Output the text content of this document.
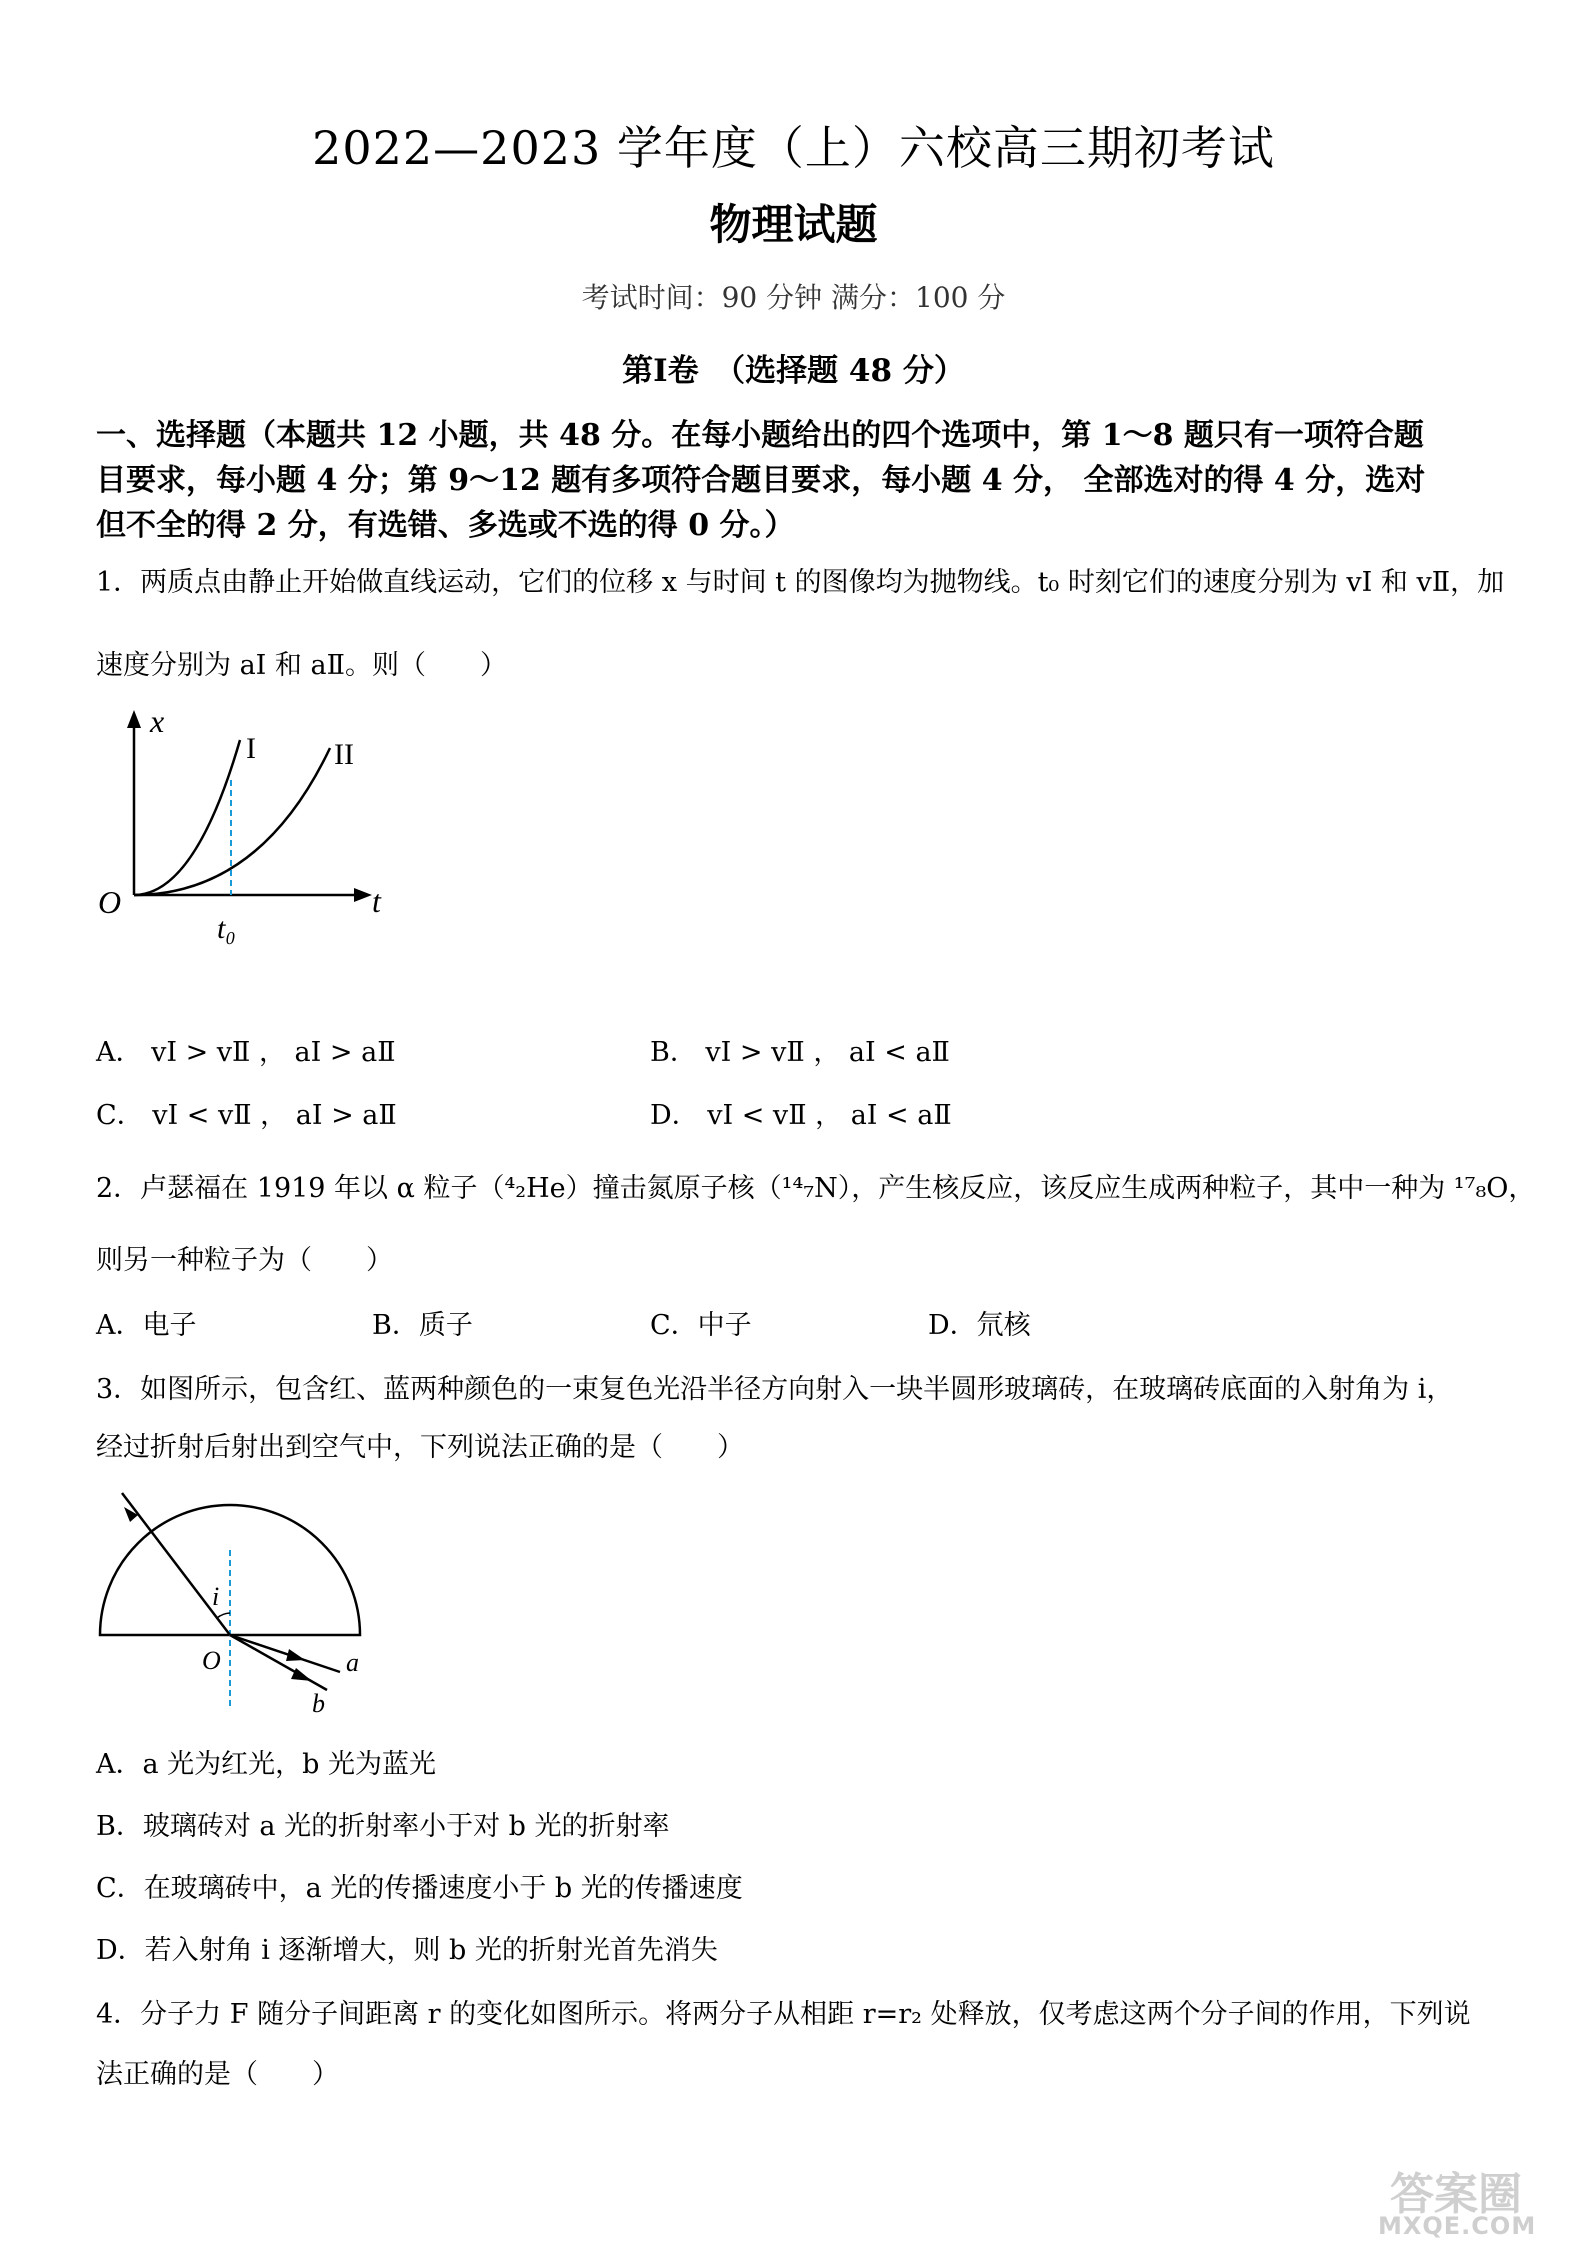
2022—2023 学年度（上）六校高三期初考试
物理试题
考试时间：90 分钟 满分：100 分
第Ⅰ卷　（选择题 48 分）
一、选择题（本题共 12 小题，共 48 分。在每小题给出的四个选项中，第 1～8 题只有一项符合题
目要求，每小题 4 分；第 9～12 题有多项符合题目要求，每小题 4 分， 全部选对的得 4 分，选对
但不全的得 2 分，有选错、多选或不选的得 0 分。）
1．两质点由静止开始做直线运动，它们的位移 x 与时间 t 的图像均为抛物线。t₀ 时刻它们的速度分别为 vⅠ 和 vⅡ，加
速度分别为 aⅠ 和 aⅡ。则（　　）
x
t
O
t₀
I	II
A． vⅠ > vⅡ ， aⅠ > aⅡ	B． vⅠ > vⅡ ， aⅠ < aⅡ
C． vⅠ < vⅡ ， aⅠ > aⅡ	D． vⅠ < vⅡ ， aⅠ < aⅡ
2．卢瑟福在 1919 年以 α 粒子（⁴₂He）撞击氮原子核（¹⁴₇N），产生核反应，该反应生成两种粒子，其中一种为 ¹⁷₈O，
则另一种粒子为（　　）
A．电子	B．质子	C．中子	D．氘核
3．如图所示，包含红、蓝两种颜色的一束复色光沿半径方向射入一块半圆形玻璃砖，在玻璃砖底面的入射角为 i，
经过折射后射出到空气中，下列说法正确的是（　　）
i
O	a
b
A．a 光为红光，b 光为蓝光
B．玻璃砖对 a 光的折射率小于对 b 光的折射率
C．在玻璃砖中，a 光的传播速度小于 b 光的传播速度
D．若入射角 i 逐渐增大，则 b 光的折射光首先消失
4．分子力 F 随分子间距离 r 的变化如图所示。将两分子从相距 r=r₂ 处释放，仅考虑这两个分子间的作用，下列说
法正确的是（　　）
答案圈
MXQE.COM
